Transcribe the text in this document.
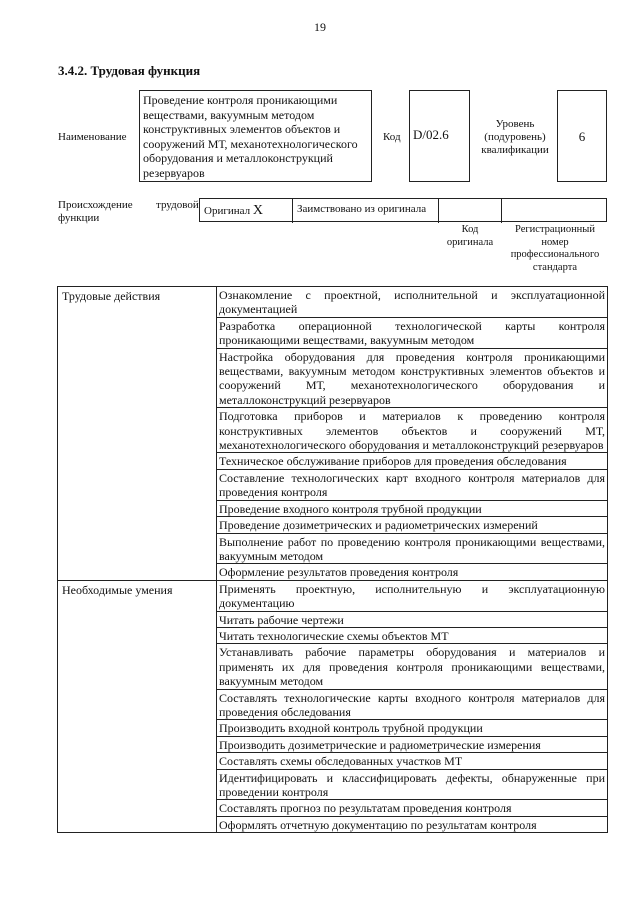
19
3.4.2. Трудовая функция
Наименование
Проведение контроля проникающими веществами, вакуумным методом конструктивных элементов объектов и сооружений МТ, механотехнологического оборудования и металлоконструкций резервуаров
Код D/02.6
Уровень (подуровень) квалификации
6
Происхождение функции
трудовой Оригинал X	Заимствовано из оригинала
Код оригинала
Регистрационный номер профессионального стандарта
Трудовые действия	Ознакомление с проектной, исполнительной и эксплуатационной документацией
	Разработка операционной технологической карты контроля проникающими веществами, вакуумным методом
	Настройка оборудования для проведения контроля проникающими веществами, вакуумным методом конструктивных элементов объектов и сооружений МТ, механотехнологического оборудования и металлоконструкций резервуаров
	Подготовка приборов и материалов к проведению контроля конструктивных элементов объектов и сооружений МТ, механотехнологического оборудования и металлоконструкций резервуаров
	Техническое обслуживание приборов для проведения обследования
	Составление технологических карт входного контроля материалов для проведения контроля
	Проведение входного контроля трубной продукции
	Проведение дозиметрических и радиометрических измерений
	Выполнение работ по проведению контроля проникающими веществами, вакуумным методом
	Оформление результатов проведения контроля
Необходимые умения	Применять проектную, исполнительную и эксплуатационную документацию
	Читать рабочие чертежи
	Читать технологические схемы объектов МТ
	Устанавливать рабочие параметры оборудования и материалов и применять их для проведения контроля проникающими веществами, вакуумным методом
	Составлять технологические карты входного контроля материалов для проведения обследования
	Производить входной контроль трубной продукции
	Производить дозиметрические и радиометрические измерения
	Составлять схемы обследованных участков МТ
	Идентифицировать и классифицировать дефекты, обнаруженные при проведении контроля
	Составлять прогноз по результатам проведения контроля
	Оформлять отчетную документацию по результатам контроля
